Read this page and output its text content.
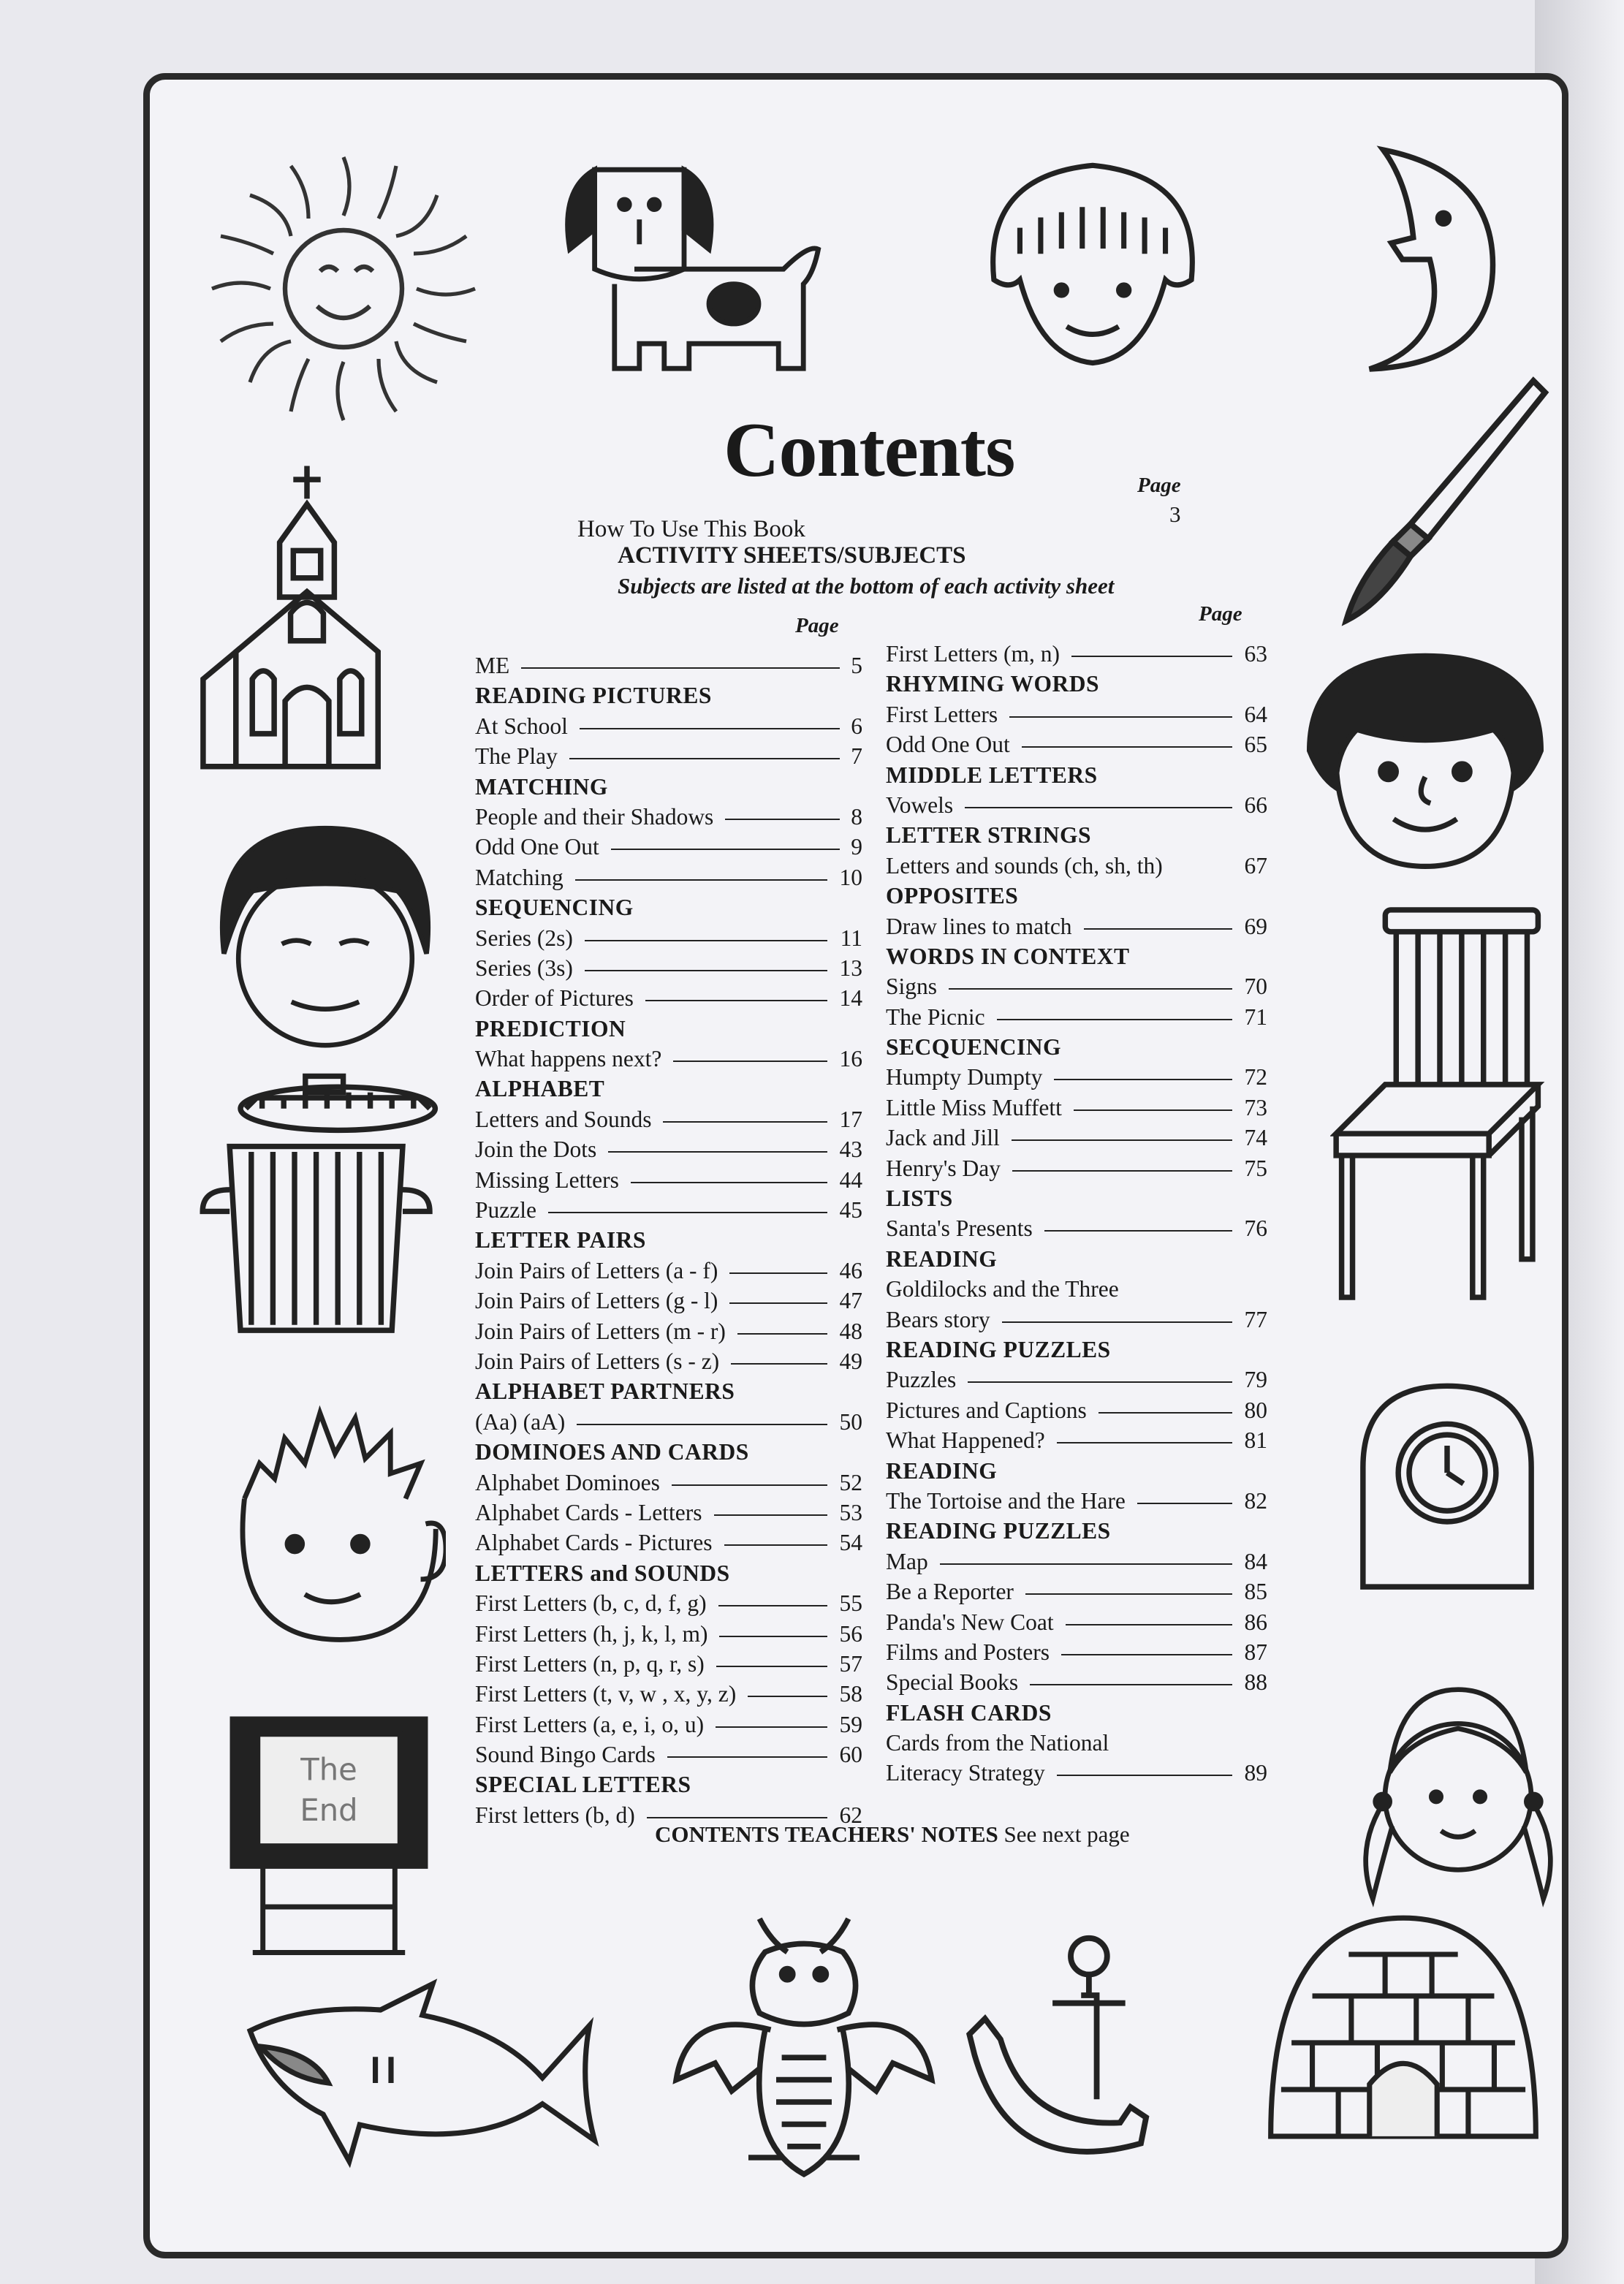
The
End
Contents	Page
3
How To Use This Book
ACTIVITY SHEETS/SUBJECTS
Subjects are listed at the bottom of each activity sheet
Page	Page
ME	5
READING PICTURES
At School	6
The Play	7
MATCHING
People and their Shadows	8
Odd One Out	9
Matching	10
SEQUENCING
Series (2s)	11
Series (3s)	13
Order of Pictures	14
PREDICTION
What happens next?	16
ALPHABET
Letters and Sounds	17
Join the Dots	43
Missing Letters	44
Puzzle	45
LETTER PAIRS
Join Pairs of Letters (a - f)	46
Join Pairs of Letters (g - l)	47
Join Pairs of Letters (m - r)	48
Join Pairs of Letters (s - z)	49
ALPHABET PARTNERS
(Aa) (aA)	50
DOMINOES AND CARDS
Alphabet Dominoes	52
Alphabet Cards - Letters	53
Alphabet Cards - Pictures	54
LETTERS and SOUNDS
First Letters (b, c, d, f, g)	55
First Letters (h, j, k, l, m)	56
First Letters (n, p, q, r, s)	57
First Letters (t, v, w , x, y, z)	58
First Letters (a, e, i, o, u)	59
Sound Bingo Cards	60
SPECIAL LETTERS
First letters (b, d)	62
First Letters (m, n)	63
RHYMING WORDS
First Letters	64
Odd One Out	65
MIDDLE LETTERS
Vowels	66
LETTER STRINGS
Letters and sounds (ch, sh, th)	67
OPPOSITES
Draw lines to match	69
WORDS IN CONTEXT
Signs	70
The Picnic	71
SECQUENCING
Humpty Dumpty	72
Little Miss Muffett	73
Jack and Jill	74
Henry's Day	75
LISTS
Santa's Presents	76
READING
Goldilocks and the Three
Bears story	77
READING PUZZLES
Puzzles	79
Pictures and Captions	80
What Happened?	81
READING
The Tortoise and the Hare	82
READING PUZZLES
Map	84
Be a Reporter	85
Panda's New Coat	86
Films and Posters	87
Special Books	88
FLASH CARDS
Cards from the National
Literacy Strategy	89
CONTENTS TEACHERS' NOTES See next page
